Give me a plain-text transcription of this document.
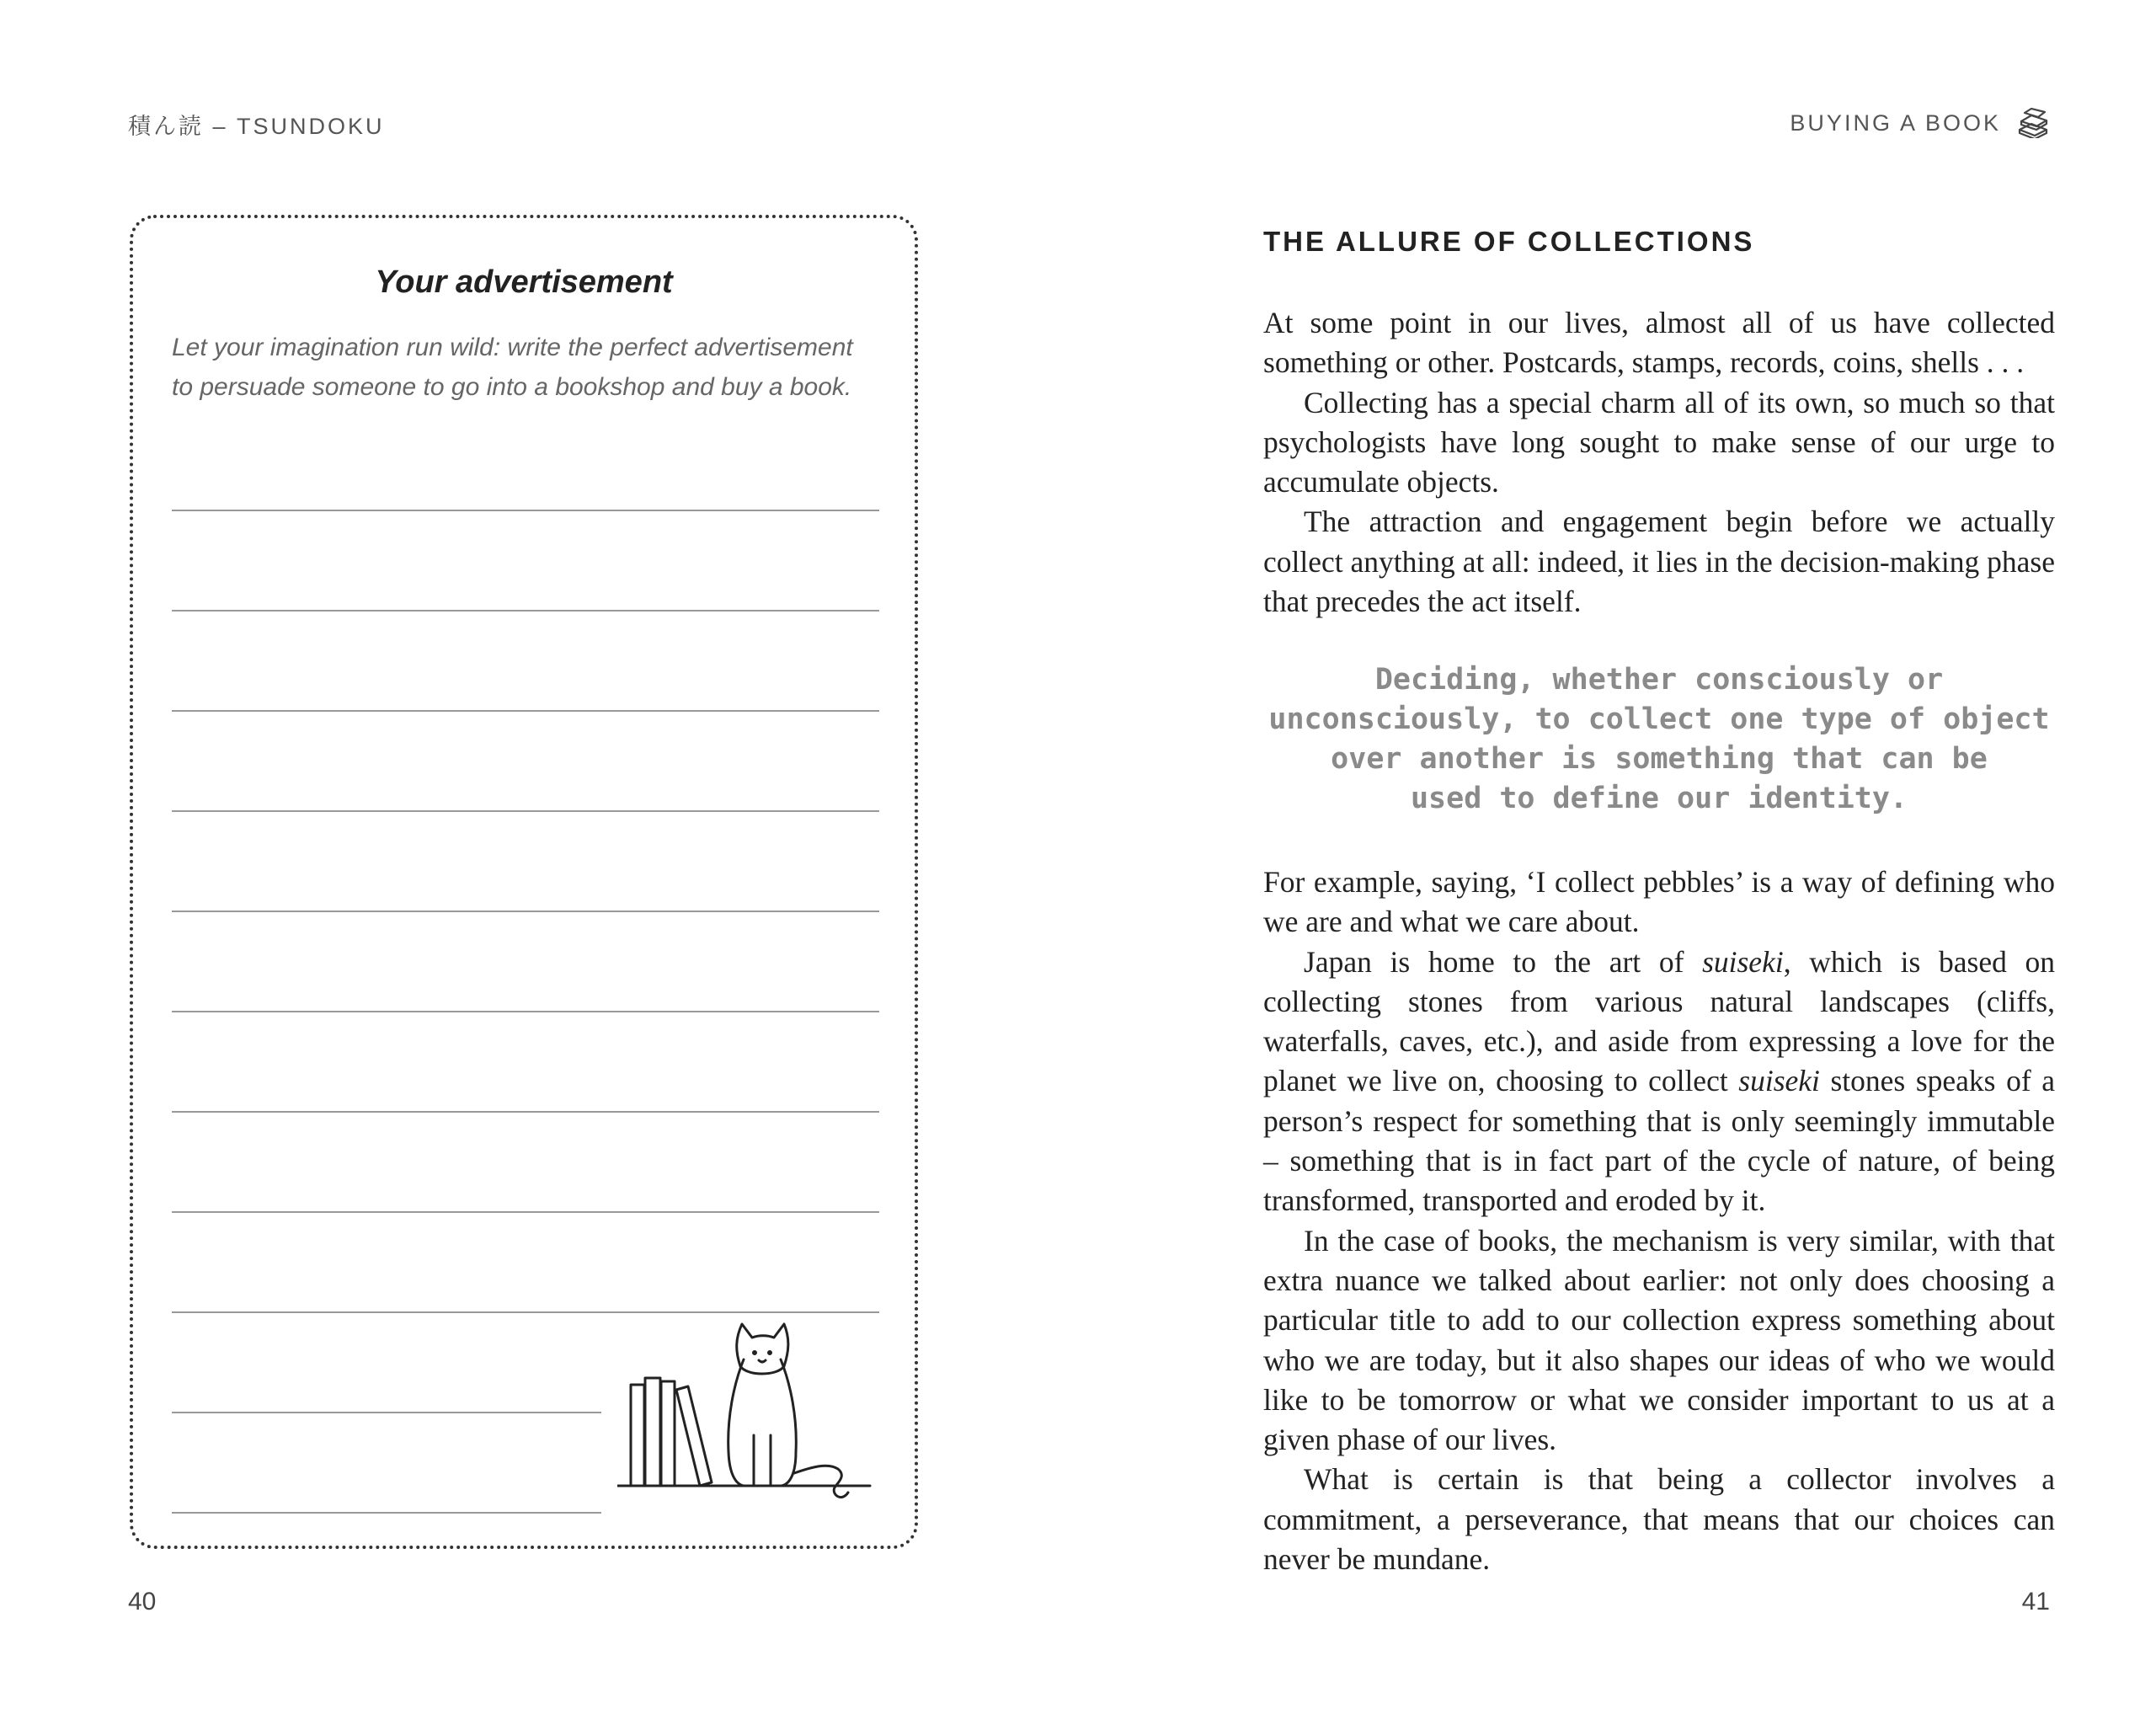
積ん読 – TSUNDOKU
Your advertisement
Let your imagination run wild: write the perfect advertisement
to persuade someone to go into a bookshop and buy a book.
40
BUYING A BOOK
THE ALLURE OF COLLECTIONS

At some point in our lives, almost all of us have collected something or other. Postcards, stamps, records, coins, shells . . .

Collecting has a special charm all of its own, so much so that psychologists have long sought to make sense of our urge to accumulate objects.

The attraction and engagement begin before we actually collect anything at all: indeed, it lies in the decision-making phase that precedes the act itself.

Deciding, whether consciously or
unconsciously, to collect one type of object
over another is something that can be
used to define our identity.

For example, saying, ‘I collect pebbles’ is a way of defining who we are and what we care about.

Japan is home to the art of suiseki, which is based on collecting stones from various natural landscapes (cliffs, waterfalls, caves, etc.), and aside from expressing a love for the planet we live on, choosing to collect suiseki stones speaks of a person’s respect for something that is only seemingly immutable – something that is in fact part of the cycle of nature, of being transformed, transported and eroded by it.

In the case of books, the mechanism is very similar, with that extra nuance we talked about earlier: not only does choosing a particular title to add to our collection express something about who we are today, but it also shapes our ideas of who we would like to be tomorrow or what we consider important to us at a given phase of our lives.

What is certain is that being a collector involves a commitment, a perseverance, that means that our choices can never be mundane.

41
